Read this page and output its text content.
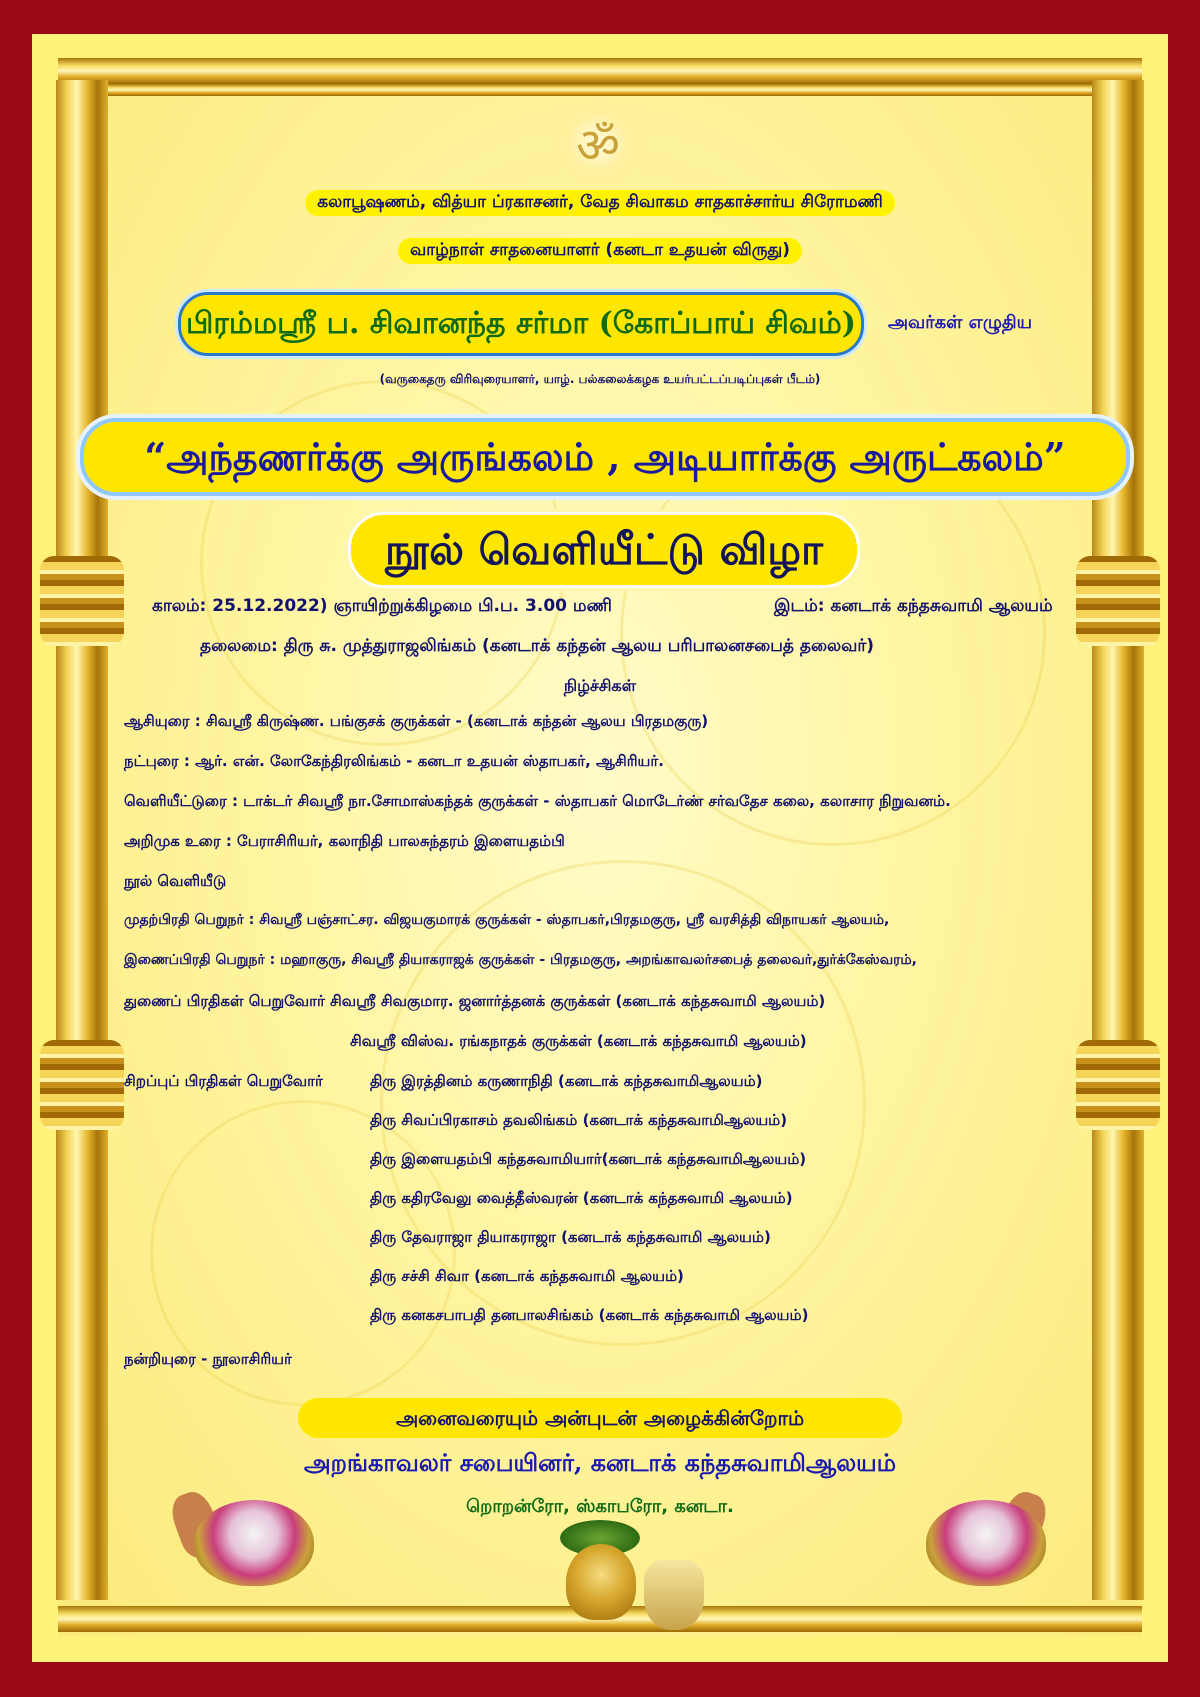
ॐ
கலாபூஷணம், வித்யா ப்ரகாசனர், வேத சிவாகம சாதகாச்சார்ய சிரோமணி
வாழ்நாள் சாதனையாளர் (கனடா உதயன் விருது)
பிரம்மஸ்ரீ ப. சிவானந்த சர்மா (கோப்பாய் சிவம்)	அவர்கள் எழுதிய
(வருகைதரு விரிவுரையாளர், யாழ். பல்கலைக்கழக உயர்பட்டப்படிப்புகள் பீடம்)
“அந்தணர்க்கு அருங்கலம் , அடியார்க்கு அருட்கலம்”
நூல் வெளியீட்டு விழா
காலம்: 25.12.2022) ஞாயிற்றுக்கிழமை பி.ப. 3.00 மணி	இடம்: கனடாக் கந்தசுவாமி ஆலயம்
தலைமை: திரு சு. முத்துராஜலிங்கம் (கனடாக் கந்தன் ஆலய பரிபாலனசபைத் தலைவர்)
நிழ்ச்சிகள்
ஆசியுரை : சிவஸ்ரீ கிருஷ்ண. பங்குசக் குருக்கள் - (கனடாக் கந்தன் ஆலய பிரதமகுரு)
நட்புரை : ஆர். என். லோகேந்திரலிங்கம் - கனடா உதயன் ஸ்தாபகர், ஆசிரியர்.
வெளியீட்டுரை : டாக்டர் சிவஸ்ரீ நா.சோமாஸ்கந்தக் குருக்கள் - ஸ்தாபகர் மொடேர்ண் சர்வதேச கலை, கலாசார நிறுவனம்.
அறிமுக உரை : பேராசிரியர், கலாநிதி பாலசுந்தரம் இளையதம்பி
நூல் வெளியீடு
முதற்பிரதி பெறுநர் : சிவஸ்ரீ பஞ்சாட்சர. விஜயகுமாரக் குருக்கள் - ஸ்தாபகர்,பிரதமகுரு, ஸ்ரீ வரசித்தி விநாயகர் ஆலயம்,
இணைப்பிரதி பெறுநர் : மஹாகுரு, சிவஸ்ரீ தியாகராஜக் குருக்கள் - பிரதமகுரு, அறங்காவலர்சபைத் தலைவர்,துர்க்கேஸ்வரம்,
துணைப் பிரதிகள் பெறுவோர் சிவஸ்ரீ சிவகுமார. ஜனார்த்தனக் குருக்கள் (கனடாக் கந்தசுவாமி ஆலயம்)
சிவஸ்ரீ விஸ்வ. ரங்கநாதக் குருக்கள் (கனடாக் கந்தசுவாமி ஆலயம்)
சிறப்புப் பிரதிகள் பெறுவோர்	திரு இரத்தினம் கருணாநிதி (கனடாக் கந்தசுவாமிஆலயம்)
திரு சிவப்பிரகாசம் தவலிங்கம் (கனடாக் கந்தசுவாமிஆலயம்)
திரு இளையதம்பி கந்தசுவாமியார்(கனடாக் கந்தசுவாமிஆலயம்)
திரு கதிரவேலு வைத்தீஸ்வரன் (கனடாக் கந்தசுவாமி ஆலயம்)
திரு தேவராஜா தியாகராஜா (கனடாக் கந்தசுவாமி ஆலயம்)
திரு சச்சி சிவா (கனடாக் கந்தசுவாமி ஆலயம்)
திரு கனகசபாபதி தனபாலசிங்கம் (கனடாக் கந்தசுவாமி ஆலயம்)
நன்றியுரை - நூலாசிரியர்
அனைவரையும் அன்புடன் அழைக்கின்றோம்
அறங்காவலர் சபையினர், கனடாக் கந்தசுவாமிஆலயம்
றொறன்ரோ, ஸ்காபரோ, கனடா.
